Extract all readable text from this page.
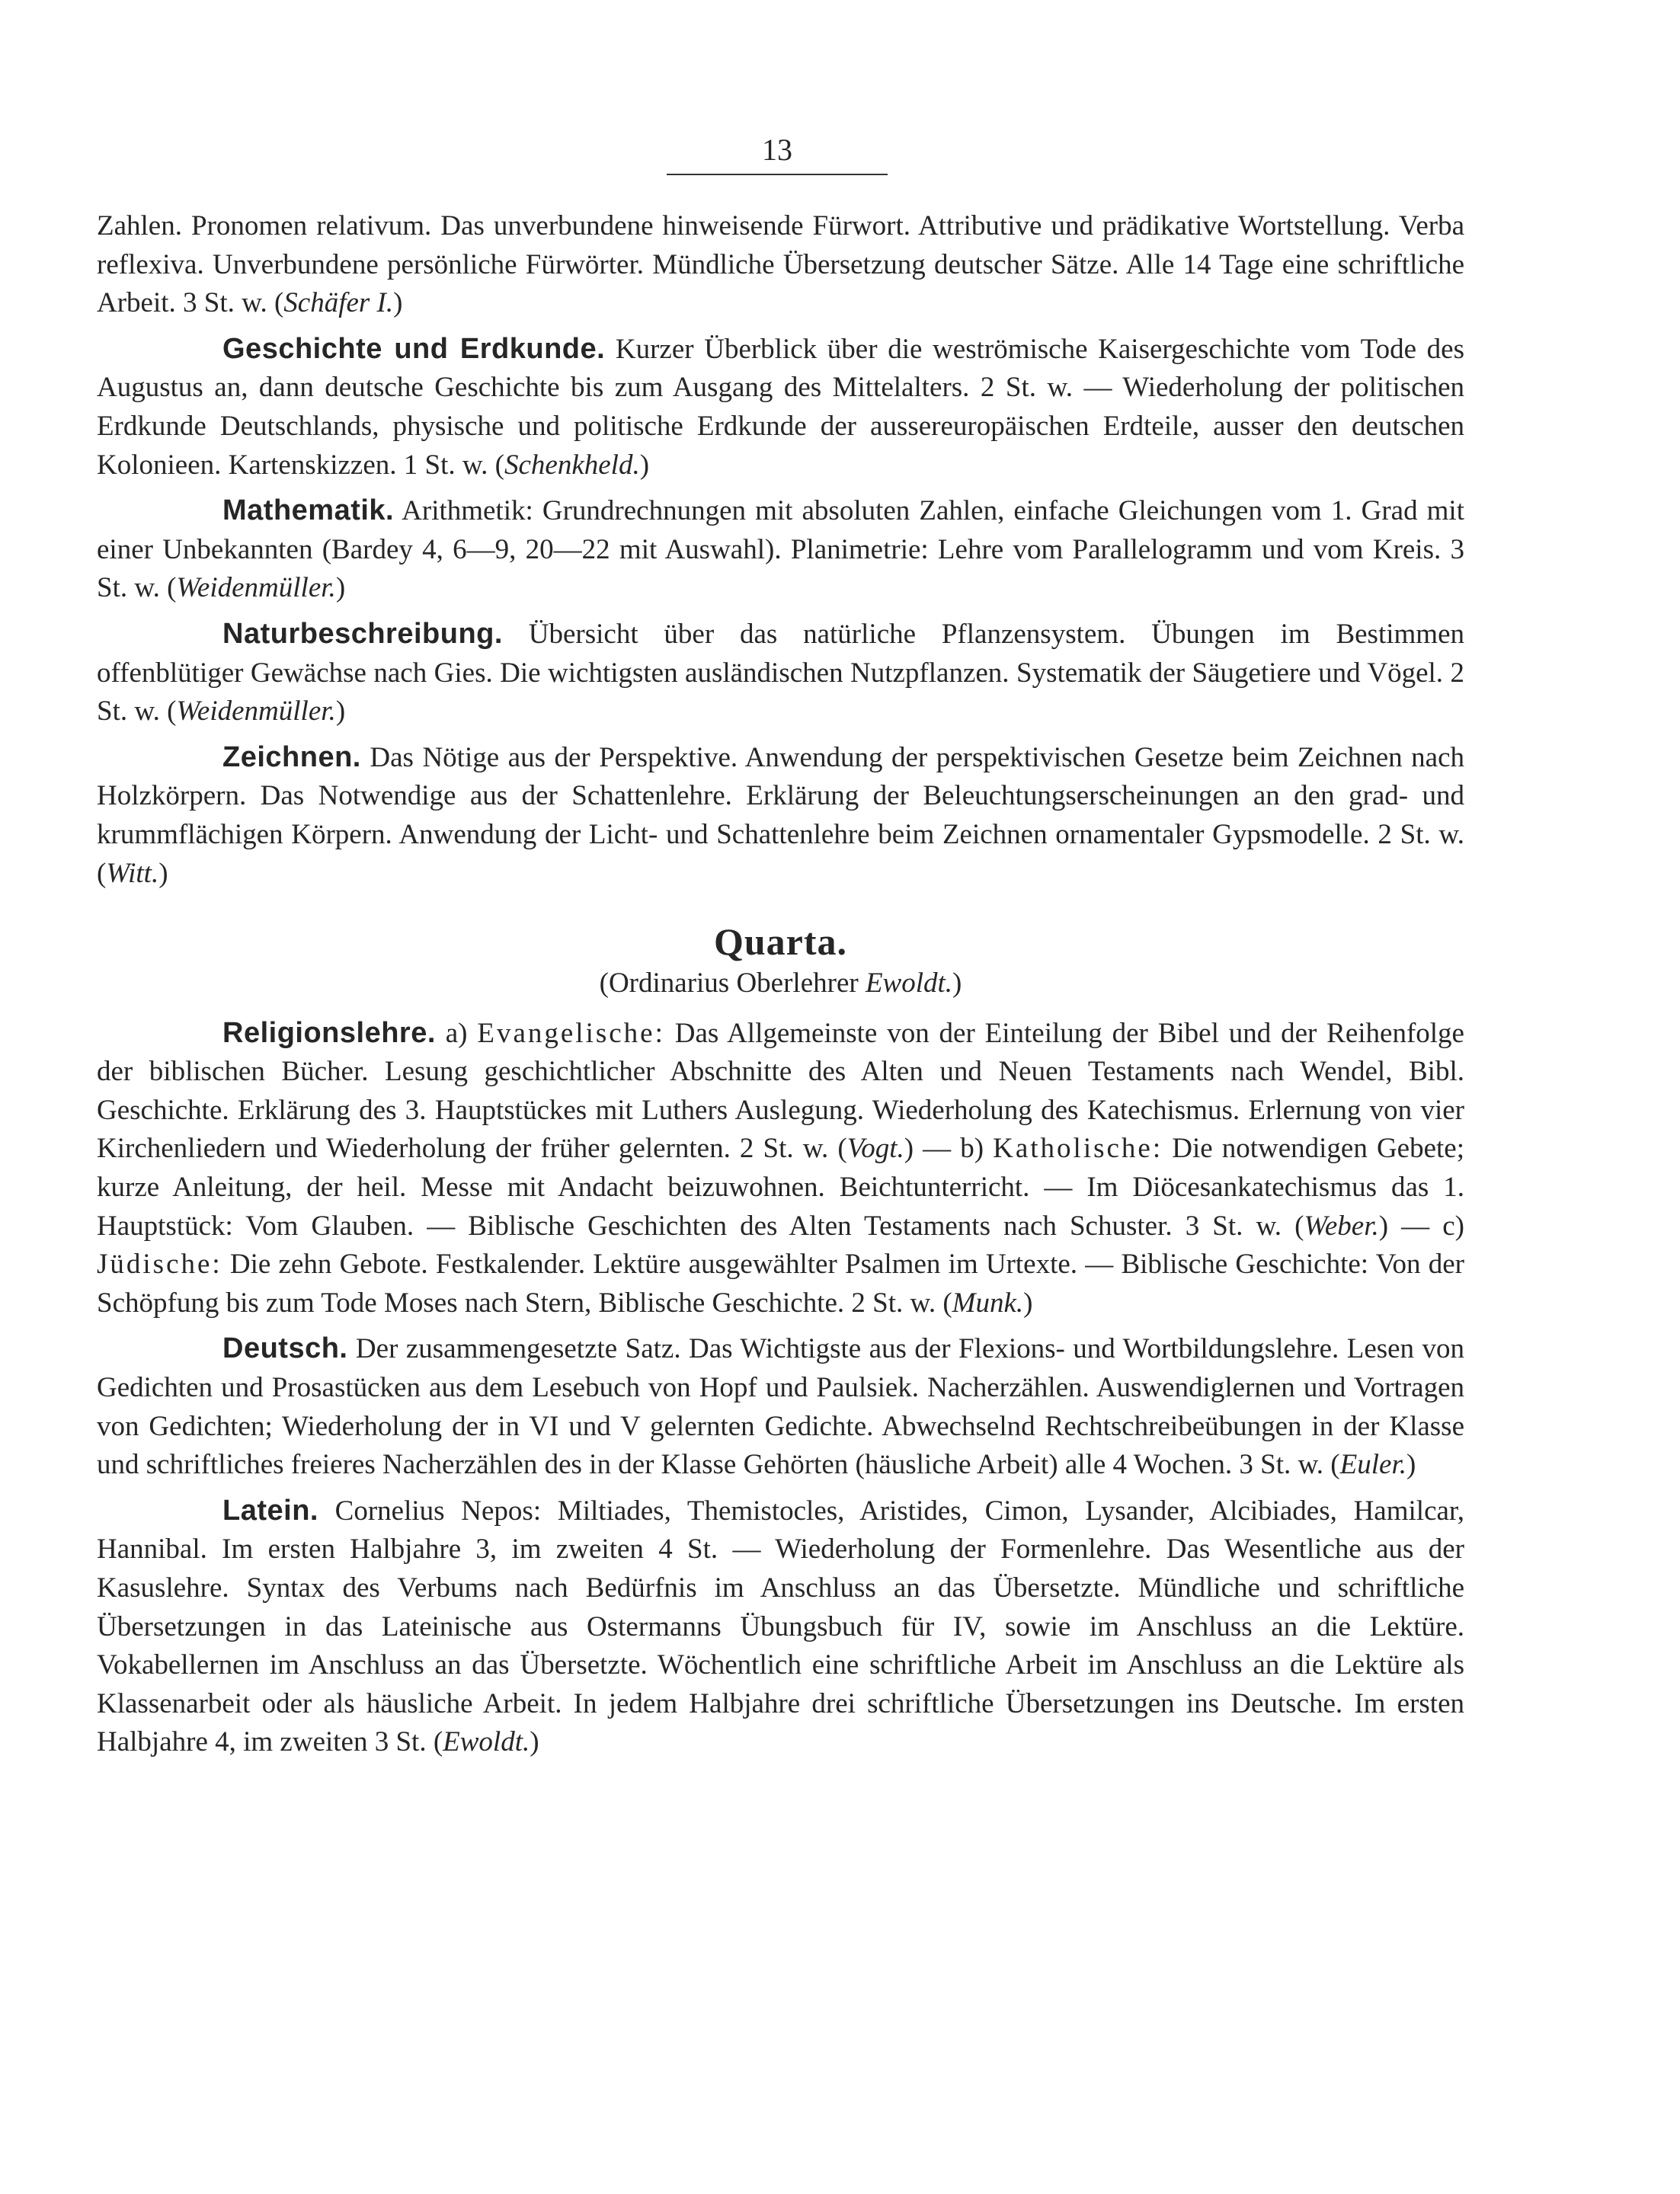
13

Zahlen. Pronomen relativum. Das unverbundene hinweisende Fürwort. Attributive und prädikative Wortstellung. Verba reflexiva. Unverbundene persönliche Fürwörter. Mündliche Übersetzung deutscher Sätze. Alle 14 Tage eine schriftliche Arbeit. 3 St. w. (Schäfer I.)

Geschichte und Erdkunde. Kurzer Überblick über die weströmische Kaisergeschichte vom Tode des Augustus an, dann deutsche Geschichte bis zum Ausgang des Mittelalters. 2 St. w. — Wiederholung der politischen Erdkunde Deutschlands, physische und politische Erdkunde der aussereuropäischen Erdteile, ausser den deutschen Kolonieen. Kartenskizzen. 1 St. w. (Schenkheld.)

Mathematik. Arithmetik: Grundrechnungen mit absoluten Zahlen, einfache Gleichungen vom 1. Grad mit einer Unbekannten (Bardey 4, 6—9, 20—22 mit Auswahl). Planimetrie: Lehre vom Parallelogramm und vom Kreis. 3 St. w. (Weidenmüller.)

Naturbeschreibung. Übersicht über das natürliche Pflanzensystem. Übungen im Bestimmen offenblütiger Gewächse nach Gies. Die wichtigsten ausländischen Nutzpflanzen. Systematik der Säugetiere und Vögel. 2 St. w. (Weidenmüller.)

Zeichnen. Das Nötige aus der Perspektive. Anwendung der perspektivischen Gesetze beim Zeichnen nach Holzkörpern. Das Notwendige aus der Schattenlehre. Erklärung der Beleuchtungserscheinungen an den grad- und krummflächigen Körpern. Anwendung der Licht- und Schattenlehre beim Zeichnen ornamentaler Gypsmodelle. 2 St. w. (Witt.)

Quarta.

(Ordinarius Oberlehrer Ewoldt.)

Religionslehre. a) Evangelische: Das Allgemeinste von der Einteilung der Bibel und der Reihenfolge der biblischen Bücher. Lesung geschichtlicher Abschnitte des Alten und Neuen Testaments nach Wendel, Bibl. Geschichte. Erklärung des 3. Hauptstückes mit Luthers Auslegung. Wiederholung des Katechismus. Erlernung von vier Kirchenliedern und Wiederholung der früher gelernten. 2 St. w. (Vogt.) — b) Katholische: Die notwendigen Gebete; kurze Anleitung, der heil. Messe mit Andacht beizuwohnen. Beichtunterricht. — Im Diöcesankatechismus das 1. Hauptstück: Vom Glauben. — Biblische Geschichten des Alten Testaments nach Schuster. 3 St. w. (Weber.) — c) Jüdische: Die zehn Gebote. Festkalender. Lektüre ausgewählter Psalmen im Urtexte. — Biblische Geschichte: Von der Schöpfung bis zum Tode Moses nach Stern, Biblische Geschichte. 2 St. w. (Munk.)

Deutsch. Der zusammengesetzte Satz. Das Wichtigste aus der Flexions- und Wortbildungslehre. Lesen von Gedichten und Prosastücken aus dem Lesebuch von Hopf und Paulsiek. Nacherzählen. Auswendiglernen und Vortragen von Gedichten; Wiederholung der in VI und V gelernten Gedichte. Abwechselnd Rechtschreibeübungen in der Klasse und schriftliches freieres Nacherzählen des in der Klasse Gehörten (häusliche Arbeit) alle 4 Wochen. 3 St. w. (Euler.)

Latein. Cornelius Nepos: Miltiades, Themistocles, Aristides, Cimon, Lysander, Alcibiades, Hamilcar, Hannibal. Im ersten Halbjahre 3, im zweiten 4 St. — Wiederholung der Formenlehre. Das Wesentliche aus der Kasuslehre. Syntax des Verbums nach Bedürfnis im Anschluss an das Übersetzte. Mündliche und schriftliche Übersetzungen in das Lateinische aus Ostermanns Übungsbuch für IV, sowie im Anschluss an die Lektüre. Vokabellernen im Anschluss an das Übersetzte. Wöchentlich eine schriftliche Arbeit im Anschluss an die Lektüre als Klassenarbeit oder als häusliche Arbeit. In jedem Halbjahre drei schriftliche Übersetzungen ins Deutsche. Im ersten Halbjahre 4, im zweiten 3 St. (Ewoldt.)
